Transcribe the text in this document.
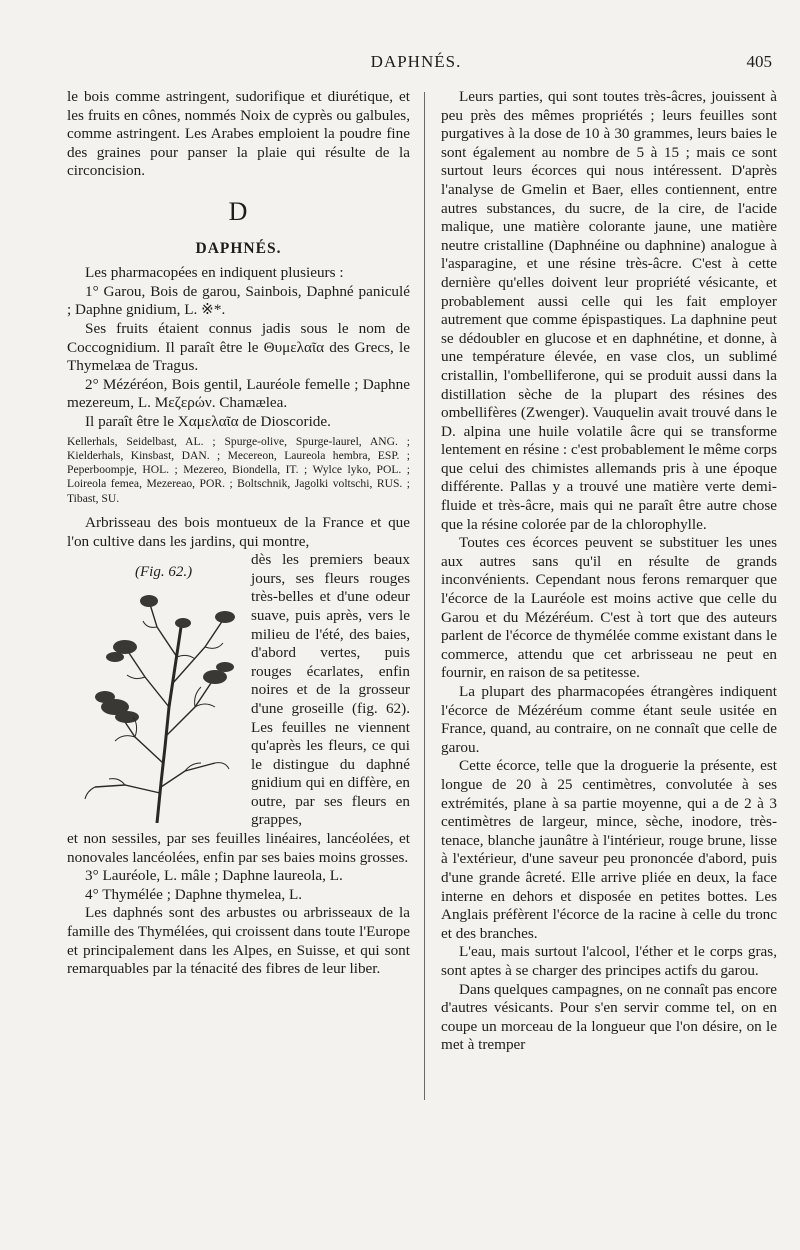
DAPHNÉS.	405

le bois comme astringent, sudorifique et diurétique, et les fruits en cônes, nommés Noix de cyprès ou galbules, comme astringent. Les Arabes emploient la poudre fine des graines pour panser la plaie qui résulte de la circoncision.

D
DAPHNÉS.

Les pharmacopées en indiquent plusieurs :

1° Garou, Bois de garou, Sainbois, Daphné paniculé ; Daphne gnidium, L. ※*.

Ses fruits étaient connus jadis sous le nom de Coccognidium. Il paraît être le Θυμελαῖα des Grecs, le Thymelæa de Tragus.

2° Mézéréon, Bois gentil, Lauréole femelle ; Daphne mezereum, L. Μεζερών. Chamælea.

Il paraît être le Χαμελαῖα de Dioscoride.

Kellerhals, Seidelbast, AL. ; Spurge-olive, Spurge-laurel, ANG. ; Kielderhals, Kinsbast, DAN. ; Mecereon, Laureola hembra, ESP. ; Peperboompje, HOL. ; Mezereo, Biondella, IT. ; Wylce lyko, POL. ; Loireola femea, Mezereao, POR. ; Boltschnik, Jagolki voltschi, RUS. ; Tibast, SU.

Arbrisseau des bois montueux de la France et que l'on cultive dans les jardins, qui montre,

(Fig. 62.)

dès les premiers beaux jours, ses fleurs rouges très-belles et d'une odeur suave, puis après, vers le milieu de l'été, des baies, d'abord vertes, puis rouges écarlates, enfin noires et de la grosseur d'une groseille (fig. 62). Les feuilles ne viennent qu'après les fleurs, ce qui le distingue du daphné gnidium qui en diffère, en outre, par ses fleurs en grappes,

et non sessiles, par ses feuilles linéaires, lancéolées, et nonovales lancéolées, enfin par ses baies moins grosses.

3° Lauréole, L. mâle ; Daphne laureola, L.

4° Thymélée ; Daphne thymelea, L.

Les daphnés sont des arbustes ou arbrisseaux de la famille des Thymélées, qui croissent dans toute l'Europe et principalement dans les Alpes, en Suisse, et qui sont remarquables par la ténacité des fibres de leur liber.

Leurs parties, qui sont toutes très-âcres, jouissent à peu près des mêmes propriétés ; leurs feuilles sont purgatives à la dose de 10 à 30 grammes, leurs baies le sont également au nombre de 5 à 15 ; mais ce sont surtout leurs écorces qui nous intéressent. D'après l'analyse de Gmelin et Baer, elles contiennent, entre autres substances, du sucre, de la cire, de l'acide malique, une matière colorante jaune, une matière neutre cristalline (Daphnéine ou daphnine) analogue à l'asparagine, et une résine très-âcre. C'est à cette dernière qu'elles doivent leur propriété vésicante, et probablement aussi celle qui les fait employer autrement que comme épispastiques. La daphnine peut se dédoubler en glucose et en daphnétine, et donne, à une température élevée, en vase clos, un sublimé cristallin, l'ombelliferone, qui se produit aussi dans la distillation sèche de la plupart des résines des ombellifères (Zwenger). Vauquelin avait trouvé dans le D. alpina une huile volatile âcre qui se transforme lentement en résine : c'est probablement le même corps que celui des chimistes allemands pris à une époque différente. Pallas y a trouvé une matière verte demi-fluide et très-âcre, mais qui ne paraît être autre chose que la résine colorée par de la chlorophylle.

Toutes ces écorces peuvent se substituer les unes aux autres sans qu'il en résulte de grands inconvénients. Cependant nous ferons remarquer que l'écorce de la Lauréole est moins active que celle du Garou et du Mézéréum. C'est à tort que des auteurs parlent de l'écorce de thymélée comme existant dans le commerce, attendu que cet arbrisseau ne peut en fournir, en raison de sa petitesse.

La plupart des pharmacopées étrangères indiquent l'écorce de Mézéréum comme étant seule usitée en France, quand, au contraire, on ne connaît que celle de garou.

Cette écorce, telle que la droguerie la présente, est longue de 20 à 25 centimètres, convolutée à ses extrémités, plane à sa partie moyenne, qui a de 2 à 3 centimètres de largeur, mince, sèche, inodore, très-tenace, blanche jaunâtre à l'intérieur, rouge brune, lisse à l'extérieur, d'une saveur peu prononcée d'abord, puis d'une grande âcreté. Elle arrive pliée en deux, la face interne en dehors et disposée en petites bottes. Les Anglais préfèrent l'écorce de la racine à celle du tronc et des branches.

L'eau, mais surtout l'alcool, l'éther et le corps gras, sont aptes à se charger des principes actifs du garou.

Dans quelques campagnes, on ne connaît pas encore d'autres vésicants. Pour s'en servir comme tel, on en coupe un morceau de la longueur que l'on désire, on le met à tremper
